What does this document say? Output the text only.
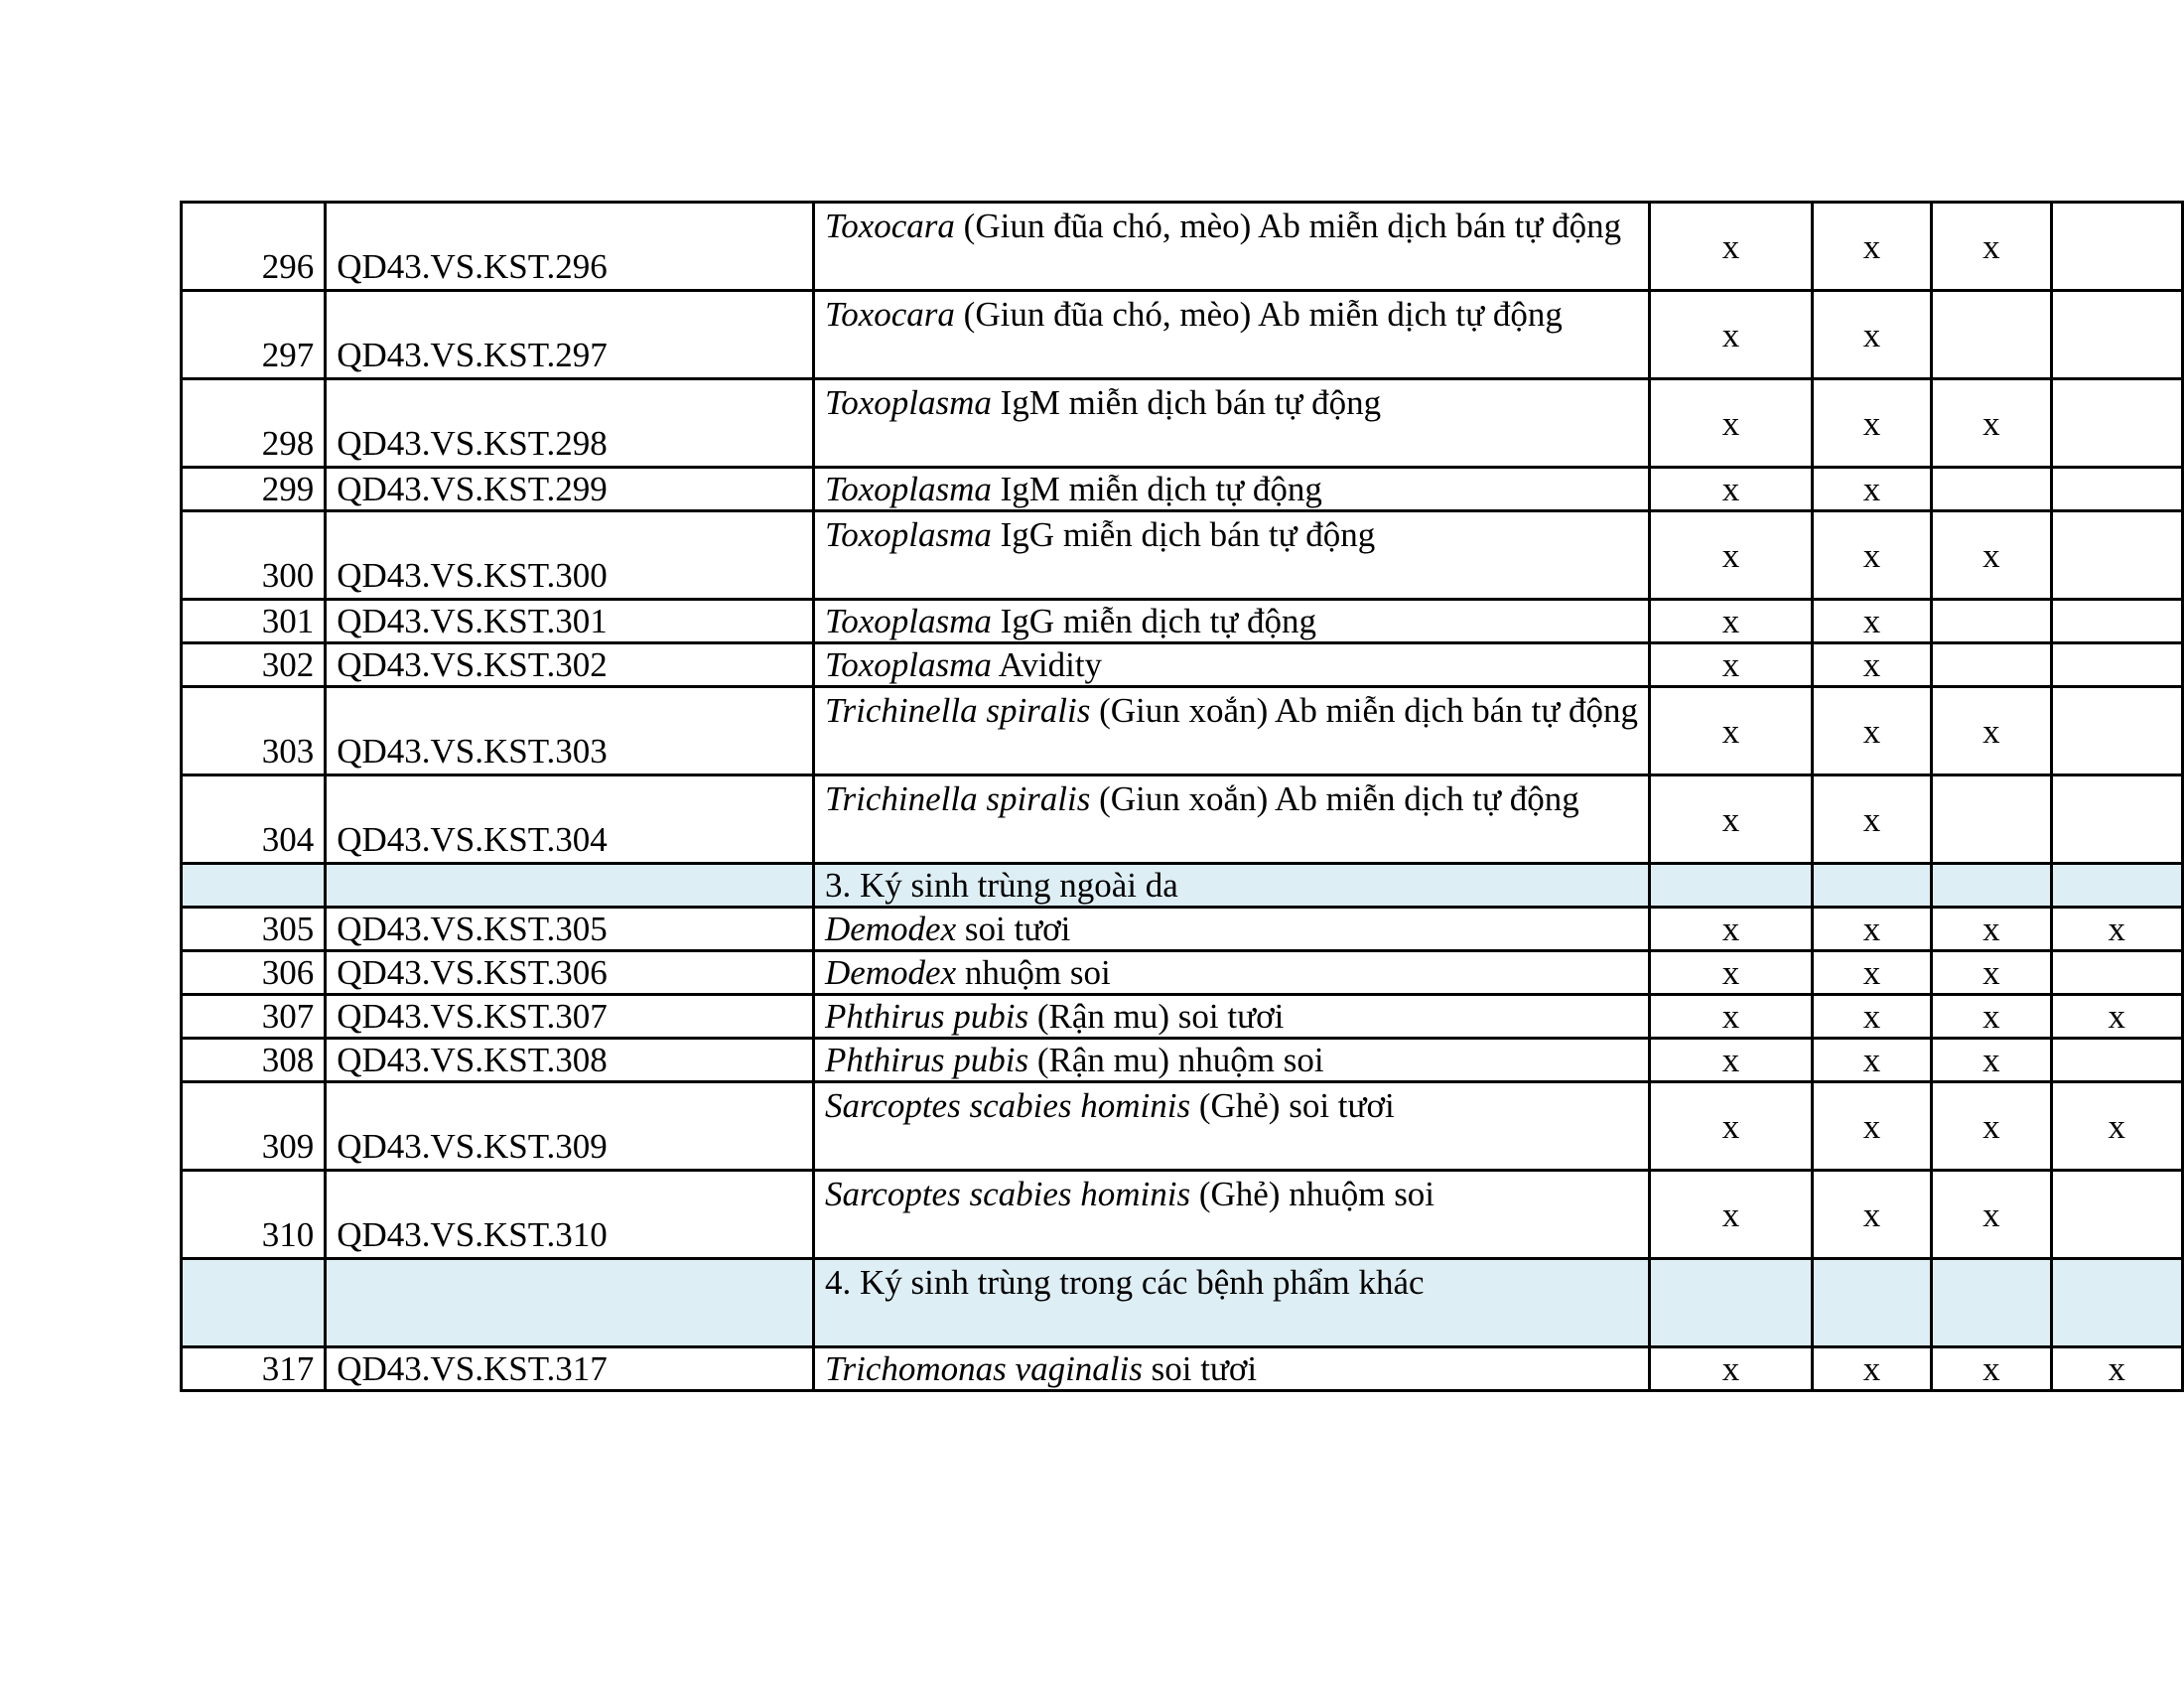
296	QD43.VS.KST.296	Toxocara (Giun đũa chó, mèo) Ab miễn dịch bán tự động	x	x	x	
297	QD43.VS.KST.297	Toxocara (Giun đũa chó, mèo) Ab miễn dịch tự động	x	x		
298	QD43.VS.KST.298	Toxoplasma IgM miễn dịch bán tự động	x	x	x	
299	QD43.VS.KST.299	Toxoplasma IgM miễn dịch tự động	x	x		
300	QD43.VS.KST.300	Toxoplasma IgG miễn dịch bán tự động	x	x	x	
301	QD43.VS.KST.301	Toxoplasma IgG miễn dịch tự động	x	x		
302	QD43.VS.KST.302	Toxoplasma Avidity	x	x		
303	QD43.VS.KST.303	Trichinella spiralis (Giun xoắn) Ab miễn dịch bán tự động	x	x	x	
304	QD43.VS.KST.304	Trichinella spiralis (Giun xoắn) Ab miễn dịch tự động	x	x		
		3. Ký sinh trùng ngoài da				
305	QD43.VS.KST.305	Demodex soi tươi	x	x	x	x
306	QD43.VS.KST.306	Demodex nhuộm soi	x	x	x	
307	QD43.VS.KST.307	Phthirus pubis (Rận mu) soi tươi	x	x	x	x
308	QD43.VS.KST.308	Phthirus pubis (Rận mu) nhuộm soi	x	x	x	
309	QD43.VS.KST.309	Sarcoptes scabies hominis (Ghẻ) soi tươi	x	x	x	x
310	QD43.VS.KST.310	Sarcoptes scabies hominis (Ghẻ) nhuộm soi	x	x	x	
		4. Ký sinh trùng trong các bệnh phẩm khác				
317	QD43.VS.KST.317	Trichomonas vaginalis soi tươi	x	x	x	x
